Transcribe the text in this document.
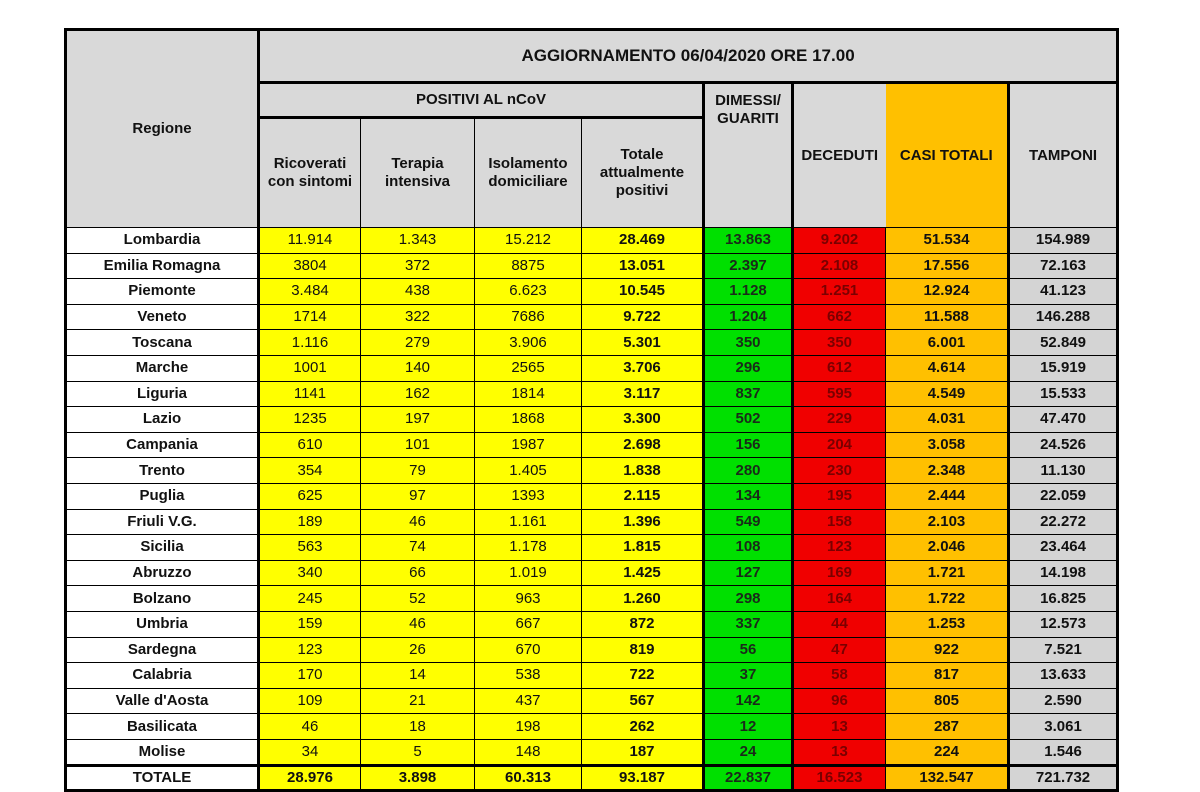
Regione	AGGIORNAMENTO 06/04/2020 ORE 17.00							
	POSITIVI AL nCoV				DIMESSI/ GUARITI	DECEDUTI	CASI TOTALI	TAMPONI
	Ricoverati con sintomi	Terapia intensiva	Isolamento domiciliare	Totale attualmente positivi				
Lombardia	11.914	1.343	15.212	28.469	13.863	9.202	51.534	154.989
Emilia Romagna	3804	372	8875	13.051	2.397	2.108	17.556	72.163
Piemonte	3.484	438	6.623	10.545	1.128	1.251	12.924	41.123
Veneto	1714	322	7686	9.722	1.204	662	11.588	146.288
Toscana	1.116	279	3.906	5.301	350	350	6.001	52.849
Marche	1001	140	2565	3.706	296	612	4.614	15.919
Liguria	1141	162	1814	3.117	837	595	4.549	15.533
Lazio	1235	197	1868	3.300	502	229	4.031	47.470
Campania	610	101	1987	2.698	156	204	3.058	24.526
Trento	354	79	1.405	1.838	280	230	2.348	11.130
Puglia	625	97	1393	2.115	134	195	2.444	22.059
Friuli V.G.	189	46	1.161	1.396	549	158	2.103	22.272
Sicilia	563	74	1.178	1.815	108	123	2.046	23.464
Abruzzo	340	66	1.019	1.425	127	169	1.721	14.198
Bolzano	245	52	963	1.260	298	164	1.722	16.825
Umbria	159	46	667	872	337	44	1.253	12.573
Sardegna	123	26	670	819	56	47	922	7.521
Calabria	170	14	538	722	37	58	817	13.633
Valle d'Aosta	109	21	437	567	142	96	805	2.590
Basilicata	46	18	198	262	12	13	287	3.061
Molise	34	5	148	187	24	13	224	1.546
TOTALE	28.976	3.898	60.313	93.187	22.837	16.523	132.547	721.732
